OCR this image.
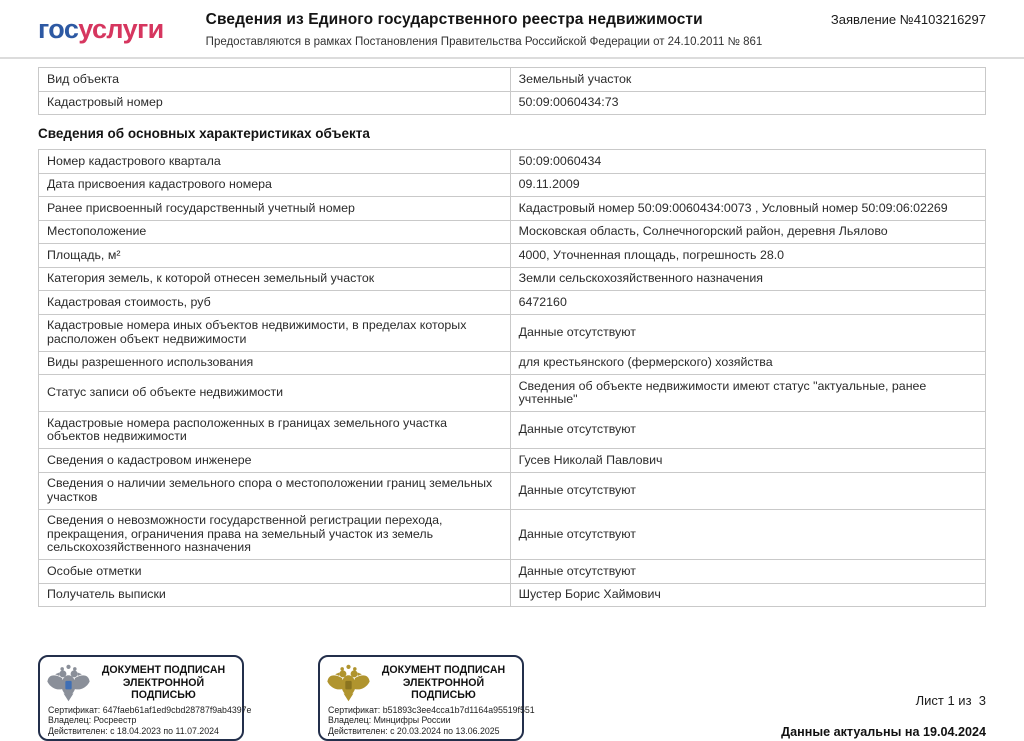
госуслуги	Сведения из Единого государственного реестра недвижимости
Предоставляются в рамках Постановления Правительства Российской Федерации от 24.10.2011 № 861
Заявление №4103216297
Вид объекта	Земельный участок
Кадастровый номер	50:09:0060434:73
Сведения об основных характеристиках объекта
Номер кадастрового квартала	50:09:0060434
Дата присвоения кадастрового номера	09.11.2009
Ранее присвоенный государственный учетный номер	Кадастровый номер 50:09:0060434:0073 , Условный номер 50:09:06:02269
Местоположение	Московская область, Солнечногорский район, деревня Льялово
Площадь, м²	4000, Уточненная площадь, погрешность 28.0
Категория земель, к которой отнесен земельный участок	Земли сельскохозяйственного назначения
Кадастровая стоимость, руб	6472160
Кадастровые номера иных объектов недвижимости, в пределах которых расположен объект недвижимости	Данные отсутствуют
Виды разрешенного использования	для крестьянского (фермерского) хозяйства
Статус записи об объекте недвижимости	Сведения об объекте недвижимости имеют статус "актуальные, ранее учтенные"
Кадастровые номера расположенных в границах земельного участка объектов недвижимости	Данные отсутствуют
Сведения о кадастровом инженере	Гусев Николай Павлович
Сведения о наличии земельного спора о местоположении границ земельных участков	Данные отсутствуют
Сведения о невозможности государственной регистрации перехода, прекращения, ограничения права на земельный участок из земель сельскохозяйственного назначения	Данные отсутствуют
Особые отметки	Данные отсутствуют
Получатель выписки	Шустер Борис Хаймович
ДОКУМЕНТ ПОДПИСАН ЭЛЕКТРОННОЙ ПОДПИСЬЮ
Сертификат: 647faeb61af1ed9cbd28787f9ab4397e
Владелец: Росреестр
Действителен: с 18.04.2023 по 11.07.2024
ДОКУМЕНТ ПОДПИСАН ЭЛЕКТРОННОЙ ПОДПИСЬЮ
Сертификат: b51893c3ee4cca1b7d1164a95519f551
Владелец: Минцифры России
Действителен: с 20.03.2024 по 13.06.2025
Лист 1 из  3
Данные актуальны на 19.04.2024
